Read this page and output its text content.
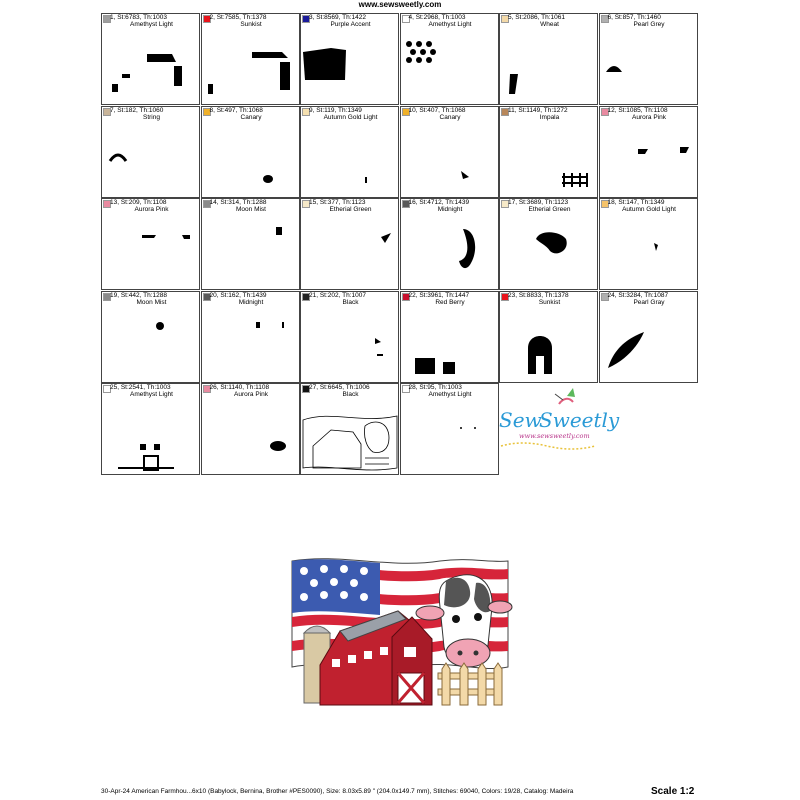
www.sewsweetly.com
1, St:6783, Th:1003
Amethyst Light
2, St:7585, Th:1378
Sunkist
3, St:8569, Th:1422
Purple Accent
4, St:2968, Th:1003
Amethyst Light
5, St:2086, Th:1061
Wheat
6, St:857, Th:1460
Pearl Grey
7, St:182, Th:1060
String
8, St:497, Th:1068
Canary
9, St:119, Th:1349
Autumn Gold Light
10, St:407, Th:1068
Canary
11, St:1149, Th:1272
Impala
12, St:1085, Th:1108
Aurora Pink
13, St:209, Th:1108
Aurora Pink
14, St:314, Th:1288
Moon Mist
15, St:377, Th:1123
Etherial Green
16, St:4712, Th:1439
Midnight
17, St:3689, Th:1123
Etherial Green
18, St:147, Th:1349
Autumn Gold Light
19, St:442, Th:1288
Moon Mist
20, St:162, Th:1439
Midnight
21, St:202, Th:1007
Black
22, St:3961, Th:1447
Red Berry
23, St:8833, Th:1378
Sunkist
24, St:3284, Th:1087
Pearl Gray
25, St:2541, Th:1003
Amethyst Light
26, St:1140, Th:1108
Aurora Pink
27, St:6645, Th:1006
Black
28, St:95, Th:1003
Amethyst Light
Sew
Sweetly
www.sewsweetly.com
30-Apr-24 American Farmhou...6x10 (Babylock, Bernina, Brother #PES0090), Size: 8.03x5.89 " (204.0x149.7 mm), Stitches: 69040, Colors: 19/28, Catalog: Madeira	Scale 1:2
